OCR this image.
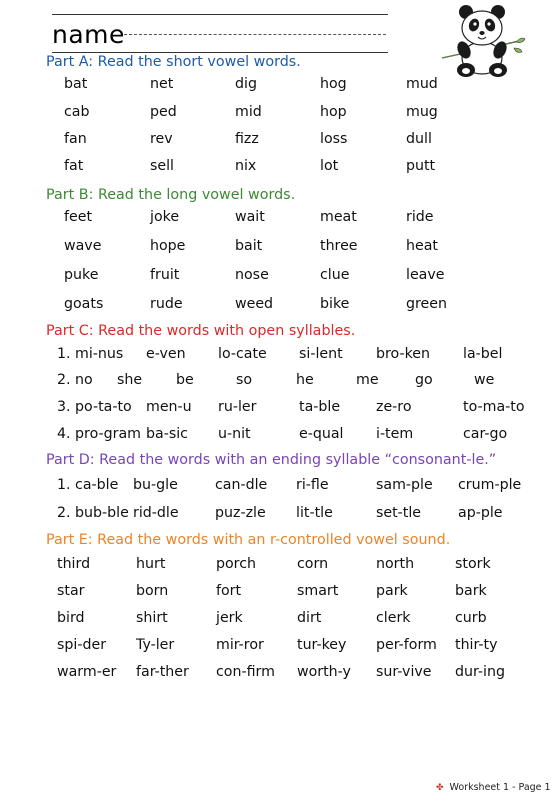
name
Part A: Read the short vowel words.
bat	net	dig	hog	mud
cab	ped	mid	hop	mug
fan	rev	fizz	loss	dull
fat	sell	nix	lot	putt
Part B: Read the long vowel words.
feet	joke	wait	meat	ride
wave	hope	bait	three	heat
puke	fruit	nose	clue	leave
goats	rude	weed	bike	green
Part C: Read the words with open syllables.
1. mi-nus e-ven lo-cate si-lent bro-ken la-bel
2. no she be	so	he	me	go	we
3. po-ta-to men-u ru-ler	ta-ble	ze-ro	to-ma-to
4. pro-gram ba-sic u-nit	e-qual i-tem	car-go
Part D: Read the words with an ending syllable “consonant-le.”
1. ca-ble bu-gle	can-dle ri-fle	sam-ple crum-ple
2. bub-ble rid-dle	puz-zle lit-tle	set-tle	ap-ple
Part E: Read the words with an r-controlled vowel sound.
third	hurt	porch	corn	north	stork
star	born	fort	smart	park	bark
bird	shirt	jerk	dirt	clerk	curb
spi-der Ty-ler	mir-ror tur-key per-form thir-ty
warm-er far-ther con-firm worth-y sur-vive dur-ing
✤ Worksheet 1 - Page 1
